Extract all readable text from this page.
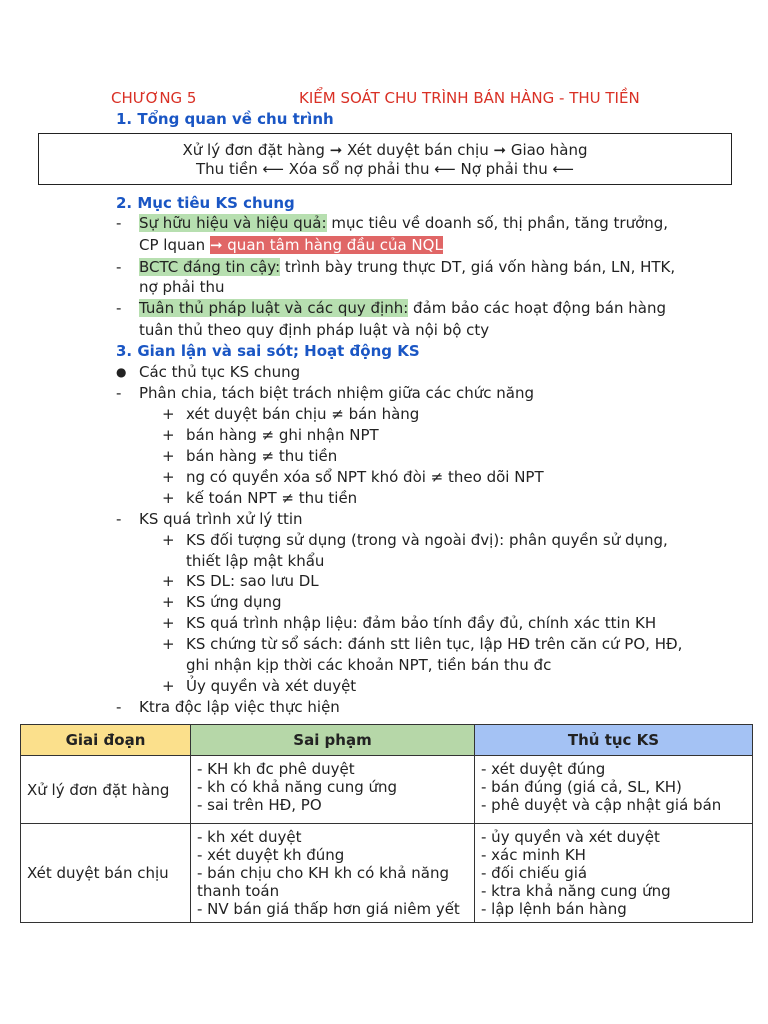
CHƯƠNG 5	KIỂM SOÁT CHU TRÌNH BÁN HÀNG - THU TIỀN
1. Tổng quan về chu trình
Xử lý đơn đặt hàng ➞ Xét duyệt bán chịu ➞ Giao hàng
Thu tiền ⟵ Xóa sổ nợ phải thu ⟵ Nợ phải thu ⟵
2. Mục tiêu KS chung
- Sự hữu hiệu và hiệu quả: mục tiêu về doanh số, thị phần, tăng trưởng,
CP lquan ➞ quan tâm hàng đầu của NQL
- BCTC đáng tin cậy: trình bày trung thực DT, giá vốn hàng bán, LN, HTK,
nợ phải thu
- Tuân thủ pháp luật và các quy định: đảm bảo các hoạt động bán hàng
tuân thủ theo quy định pháp luật và nội bộ cty
3. Gian lận và sai sót; Hoạt động KS
● Các thủ tục KS chung
- Phân chia, tách biệt trách nhiệm giữa các chức năng
+ xét duyệt bán chịu ≠ bán hàng
+ bán hàng ≠ ghi nhận NPT
+ bán hàng ≠ thu tiền
+ ng có quyền xóa sổ NPT khó đòi ≠ theo dõi NPT
+ kế toán NPT ≠ thu tiền
- KS quá trình xử lý ttin
+ KS đối tượng sử dụng (trong và ngoài đvị): phân quyền sử dụng,
thiết lập mật khẩu
+ KS DL: sao lưu DL
+ KS ứng dụng
+ KS quá trình nhập liệu: đảm bảo tính đầy đủ, chính xác ttin KH
+ KS chứng từ sổ sách: đánh stt liên tục, lập HĐ trên căn cứ PO, HĐ,
ghi nhận kịp thời các khoản NPT, tiền bán thu đc
+ Ủy quyền và xét duyệt
- Ktra độc lập việc thực hiện
Giai đoạn	Sai phạm	Thủ tục KS
Xử lý đơn đặt hàng	- KH kh đc phê duyệt
- kh có khả năng cung ứng
- sai trên HĐ, PO	- xét duyệt đúng
- bán đúng (giá cả, SL, KH)
- phê duyệt và cập nhật giá bán

Xét duyệt bán chịu	- kh xét duyệt
- xét duyệt kh đúng
- bán chịu cho KH kh có khả năng
thanh toán
- NV bán giá thấp hơn giá niêm yết	- ủy quyền và xét duyệt
- xác minh KH
- đối chiếu giá
- ktra khả năng cung ứng
- lập lệnh bán hàng
